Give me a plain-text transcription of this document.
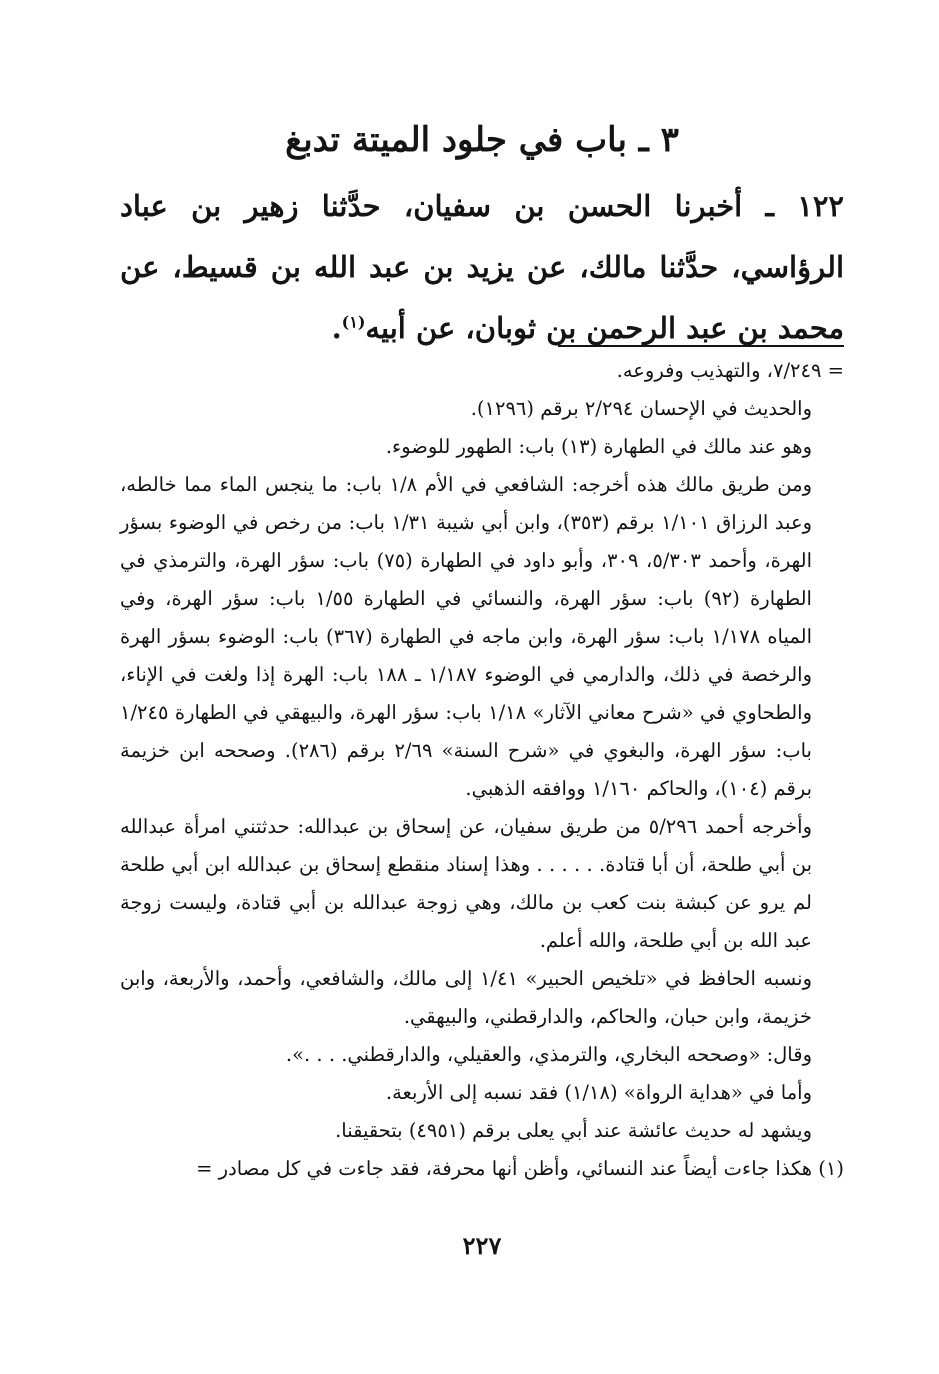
٣ ـ باب في جلود الميتة تدبغ

١٢٢ ـ أخبرنا الحسن بن سفيان، حدَّثنا زهير بن عباد الرؤاسي، حدَّثنا مالك، عن يزيد بن عبد الله بن قسيط، عن محمد بن عبد الرحمن بن ثوبان، عن أبيه$^{(١)}$.

= ٧/٢٤٩، والتهذيب وفروعه.

والحديث في الإحسان ٢/٢٩٤ برقم (١٢٩٦).

وهو عند مالك في الطهارة (١٣) باب: الطهور للوضوء.

ومن طريق مالك هذه أخرجه: الشافعي في الأم ١/٨ باب: ما ينجس الماء مما خالطه، وعبد الرزاق ١/١٠١ برقم (٣٥٣)، وابن أبي شيبة ١/٣١ باب: من رخص في الوضوء بسؤر الهرة، وأحمد ٥/٣٠٣، ٣٠٩، وأبو داود في الطهارة (٧٥) باب: سؤر الهرة، والترمذي في الطهارة (٩٢) باب: سؤر الهرة، والنسائي في الطهارة ١/٥٥ باب: سؤر الهرة، وفي المياه ١/١٧٨ باب: سؤر الهرة، وابن ماجه في الطهارة (٣٦٧) باب: الوضوء بسؤر الهرة والرخصة في ذلك، والدارمي في الوضوء ١/١٨٧ ـ ١٨٨ باب: الهرة إذا ولغت في الإناء، والطحاوي في «شرح معاني الآثار» ١/١٨ باب: سؤر الهرة، والبيهقي في الطهارة ١/٢٤٥ باب: سؤر الهرة، والبغوي في «شرح السنة» ٢/٦٩ برقم (٢٨٦). وصححه ابن خزيمة برقم (١٠٤)، والحاكم ١/١٦٠ ووافقه الذهبي.

وأخرجه أحمد ٥/٢٩٦ من طريق سفيان، عن إسحاق بن عبدالله: حدثتني امرأة عبدالله بن أبي طلحة، أن أبا قتادة. . . . . . وهذا إسناد منقطع إسحاق بن عبدالله ابن أبي طلحة لم يرو عن كبشة بنت كعب بن مالك، وهي زوجة عبدالله بن أبي قتادة، وليست زوجة عبد الله بن أبي طلحة، والله أعلم.

ونسبه الحافظ في «تلخيص الحبير» ١/٤١ إلى مالك، والشافعي، وأحمد، والأربعة، وابن خزيمة، وابن حبان، والحاكم، والدارقطني، والبيهقي.

وقال: «وصححه البخاري، والترمذي، والعقيلي، والدارقطني. . . .».

وأما في «هداية الرواة» (١/١٨) فقد نسبه إلى الأربعة.

ويشهد له حديث عائشة عند أبي يعلى برقم (٤٩٥١) بتحقيقنا.

(١) هكذا جاءت أيضاً عند النسائي، وأظن أنها محرفة، فقد جاءت في كل مصادر =

٢٢٧
